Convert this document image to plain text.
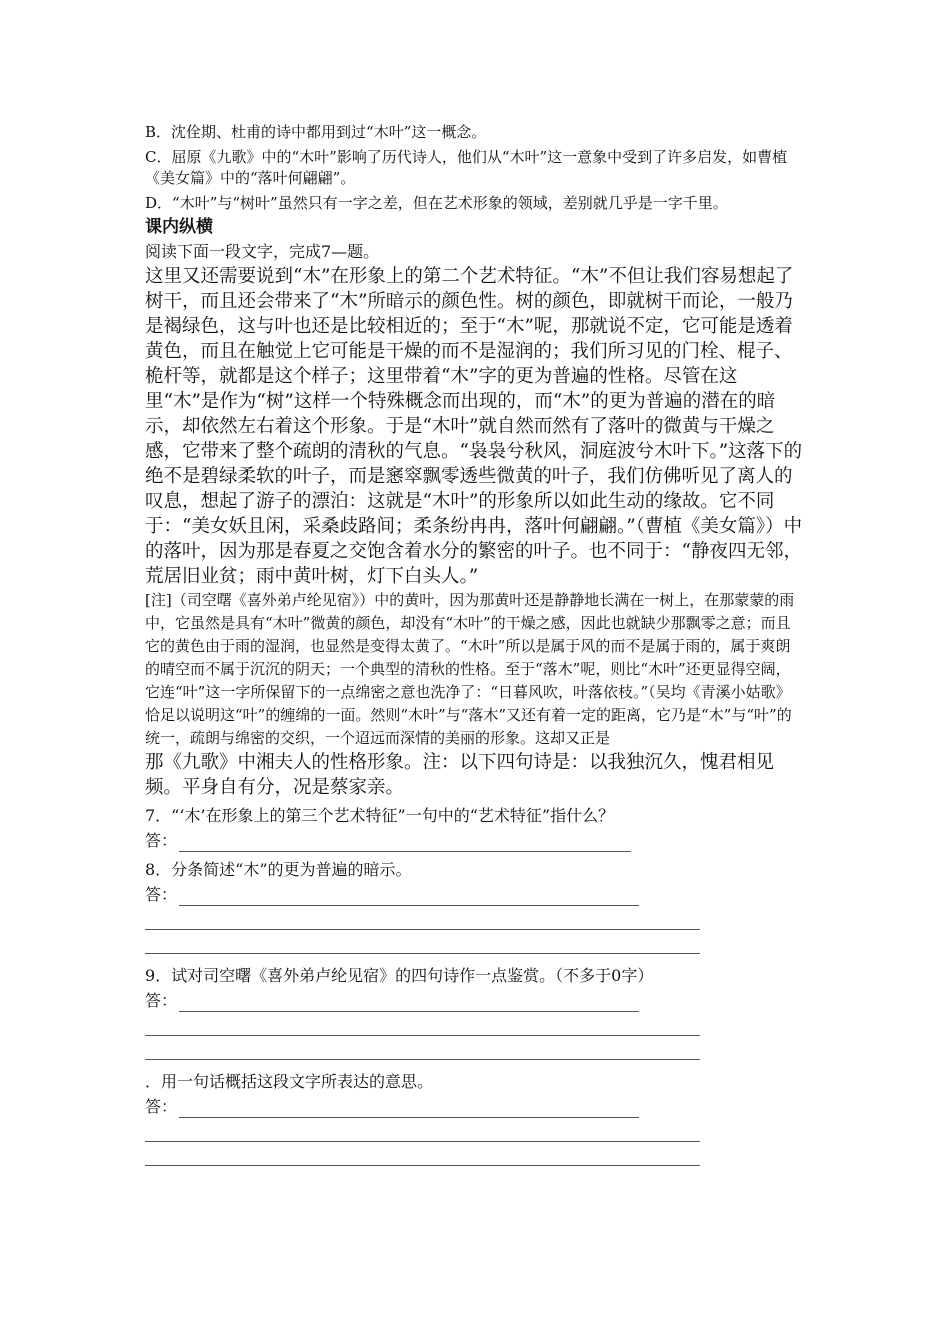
B．沈佺期、杜甫的诗中都用到过“木叶”这一概念。

C．屈原《九歌》中的“木叶”影响了历代诗人，他们从“木叶”这一意象中受到了许多启发，如曹植《美女篇》中的“落叶何翩翩”。

D．“木叶”与“树叶”虽然只有一字之差，但在艺术形象的领域，差别就几乎是一字千里。

课内纵横

阅读下面一段文字，完成7—题。

这里又还需要说到“木”在形象上的第二个艺术特征。“木”不但让我们容易想起了树干，而且还会带来了“木”所暗示的颜色性。树的颜色，即就树干而论，一般乃是褐绿色，这与叶也还是比较相近的；至于“木”呢，那就说不定，它可能是透着黄色，而且在触觉上它可能是干燥的而不是湿润的；我们所习见的门栓、棍子、桅杆等，就都是这个样子；这里带着“木”字的更为普遍的性格。尽管在这里“木”是作为“树”这样一个特殊概念而出现的，而“木”的更为普遍的潜在的暗示，却依然左右着这个形象。于是“木叶”就自然而然有了落叶的微黄与干燥之感，它带来了整个疏朗的清秋的气息。“袅袅兮秋风，洞庭波兮木叶下。”这落下的绝不是碧绿柔软的叶子，而是窸窣飘零透些微黄的叶子，我们仿佛听见了离人的叹息，想起了游子的漂泊：这就是“木叶”的形象所以如此生动的缘故。它不同于：“美女妖且闲，采桑歧路间；柔条纷冉冉，落叶何翩翩。”（曹植《美女篇》）中的落叶，因为那是春夏之交饱含着水分的繁密的叶子。也不同于：“静夜四无邻，荒居旧业贫；雨中黄叶树，灯下白头人。”

[注]（司空曙《喜外弟卢纶见宿》）中的黄叶，因为那黄叶还是静静地长满在一树上，在那蒙蒙的雨中，它虽然是具有“木叶”微黄的颜色，却没有“木叶”的干燥之感，因此也就缺少那飘零之意；而且它的黄色由于雨的湿润，也显然是变得太黄了。“木叶”所以是属于风的而不是属于雨的，属于爽朗的晴空而不属于沉沉的阴天；一个典型的清秋的性格。至于“落木”呢，则比“木叶”还更显得空阔，它连“叶”这一字所保留下的一点绵密之意也洗净了：“日暮风吹，叶落依枝。”（吴均《青溪小姑歌》恰足以说明这“叶”的缠绵的一面。然则“木叶”与“落木”又还有着一定的距离，它乃是“木”与“叶”的统一，疏朗与绵密的交织，一个迢远而深情的美丽的形象。这却又正是

那《九歌》中湘夫人的性格形象。注：以下四句诗是：以我独沉久，愧君相见频。平身自有分，况是蔡家亲。

7．“‘木’在形象上的第三个艺术特征”一句中的“艺术特征”指什么？

答：

8．分条简述“木”的更为普遍的暗示。

答：

9．试对司空曙《喜外弟卢纶见宿》的四句诗作一点鉴赏。（不多于0字）

答：

．用一句话概括这段文字所表达的意思。

答：
